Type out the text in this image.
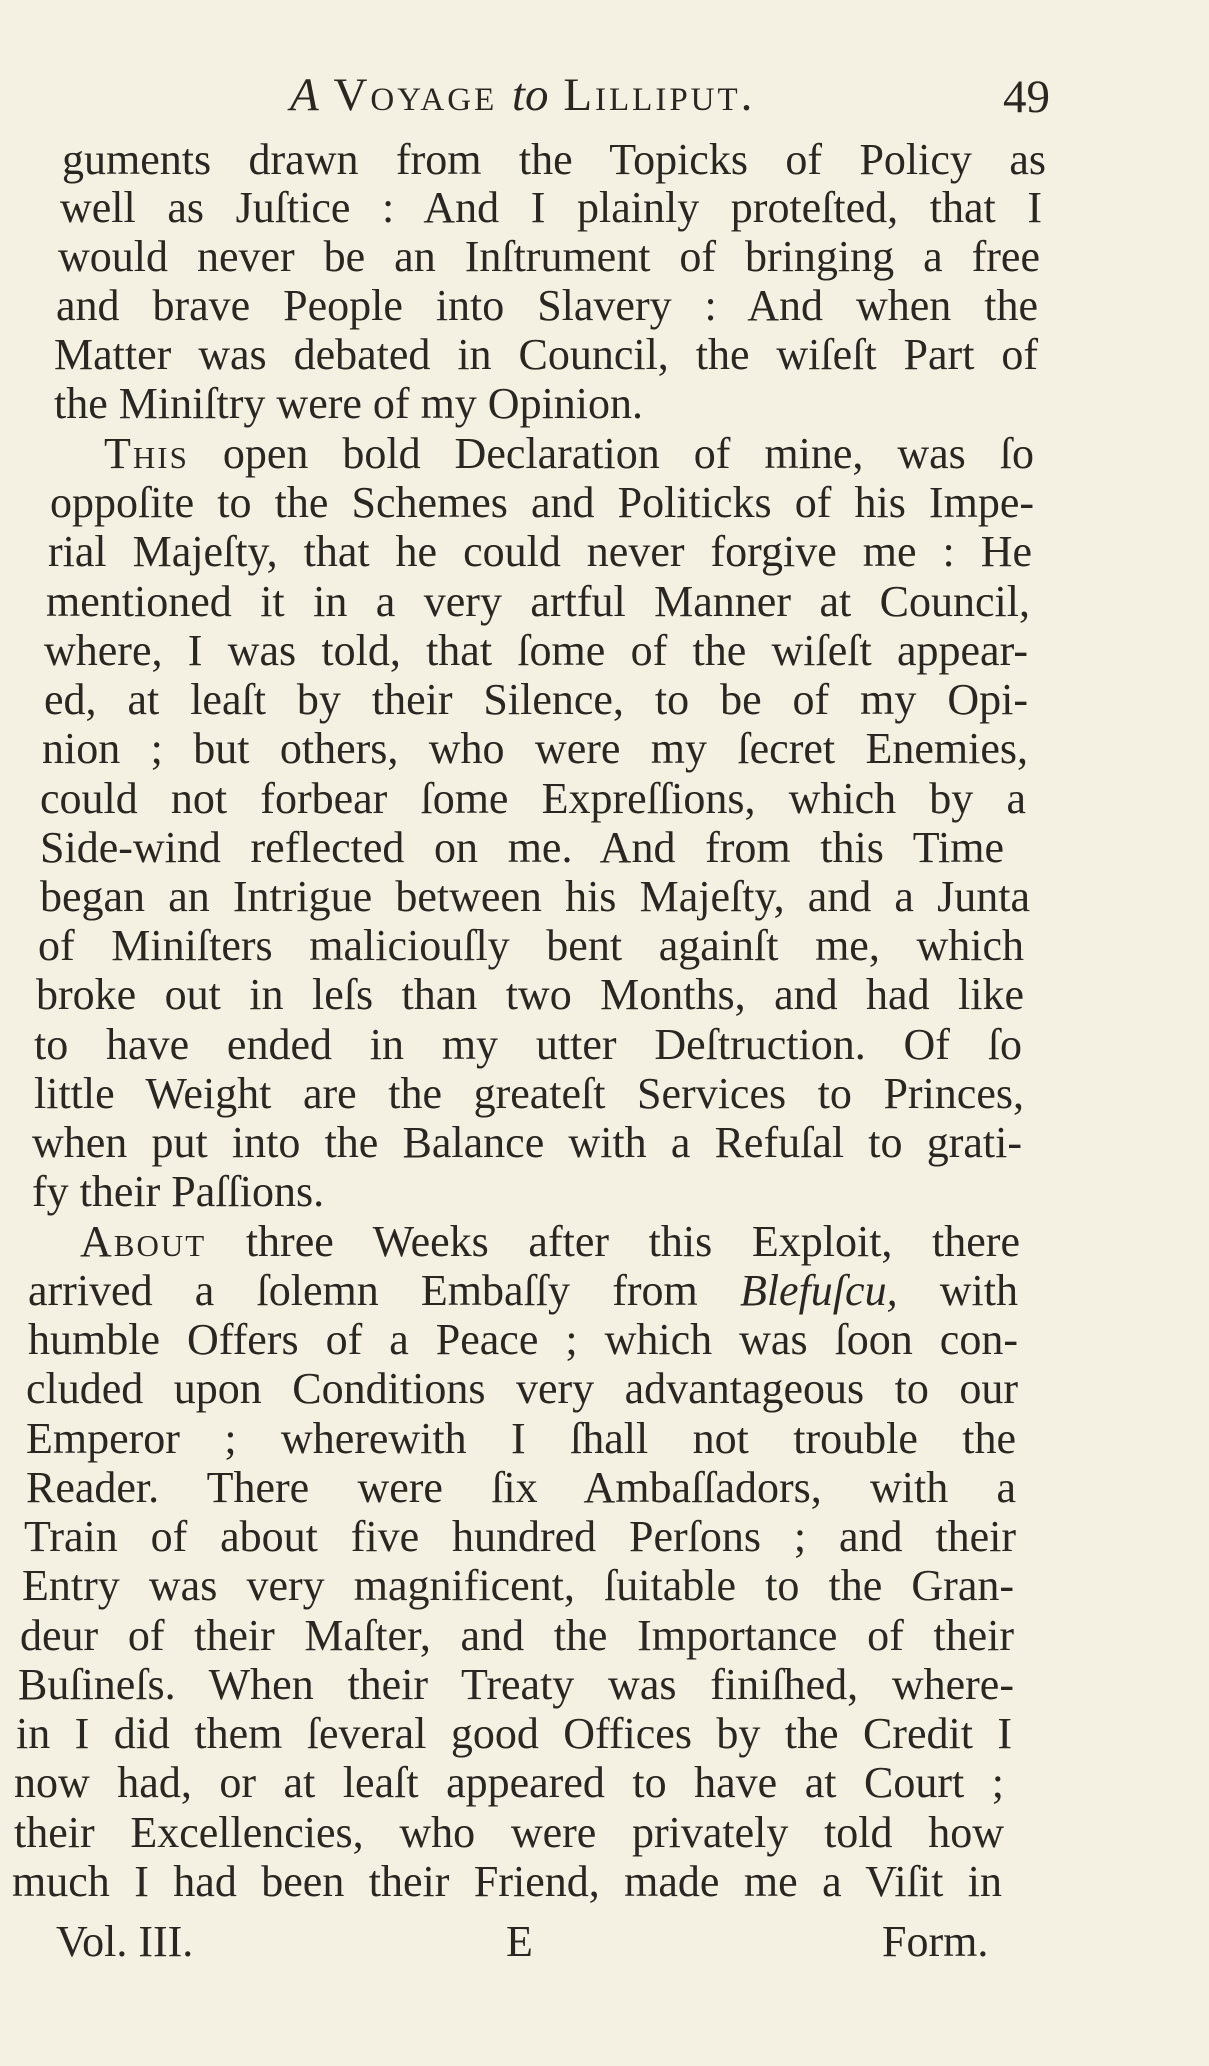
A Voyage to Lilliput.	49
guments drawn from the Topicks of Policy as
well as Juſtice : And I plainly proteſted, that I
would never be an Inſtrument of bringing a free
and brave People into Slavery : And when the
Matter was debated in Council, the wiſeſt Part of
the Miniſtry were of my Opinion.
This open bold Declaration of mine, was ſo
oppoſite to the Schemes and Politicks of his Impe-
rial Majeſty, that he could never forgive me : He
mentioned it in a very artful Manner at Council,
where, I was told, that ſome of the wiſeſt appear-
ed, at leaſt by their Silence, to be of my Opi-
nion ; but others, who were my ſecret Enemies,
could not forbear ſome Expreſſions, which by a
Side-wind reflected on me. And from this Time
began an Intrigue between his Majeſty, and a Junta
of Miniſters maliciouſly bent againſt me, which
broke out in leſs than two Months, and had like
to have ended in my utter Deſtruction. Of ſo
little Weight are the greateſt Services to Princes,
when put into the Balance with a Refuſal to grati-
fy their Paſſions.
About three Weeks after this Exploit, there
arrived a ſolemn Embaſſy from Blefuſcu, with
humble Offers of a Peace ; which was ſoon con-
cluded upon Conditions very advantageous to our
Emperor ; wherewith I ſhall not trouble the
Reader. There were ſix Ambaſſadors, with a
Train of about five hundred Perſons ; and their
Entry was very magnificent, ſuitable to the Gran-
deur of their Maſter, and the Importance of their
Buſineſs. When their Treaty was finiſhed, where-
in I did them ſeveral good Offices by the Credit I
now had, or at leaſt appeared to have at Court ;
their Excellencies, who were privately told how
much I had been their Friend, made me a Viſit in
Vol. III.	E	Form.
